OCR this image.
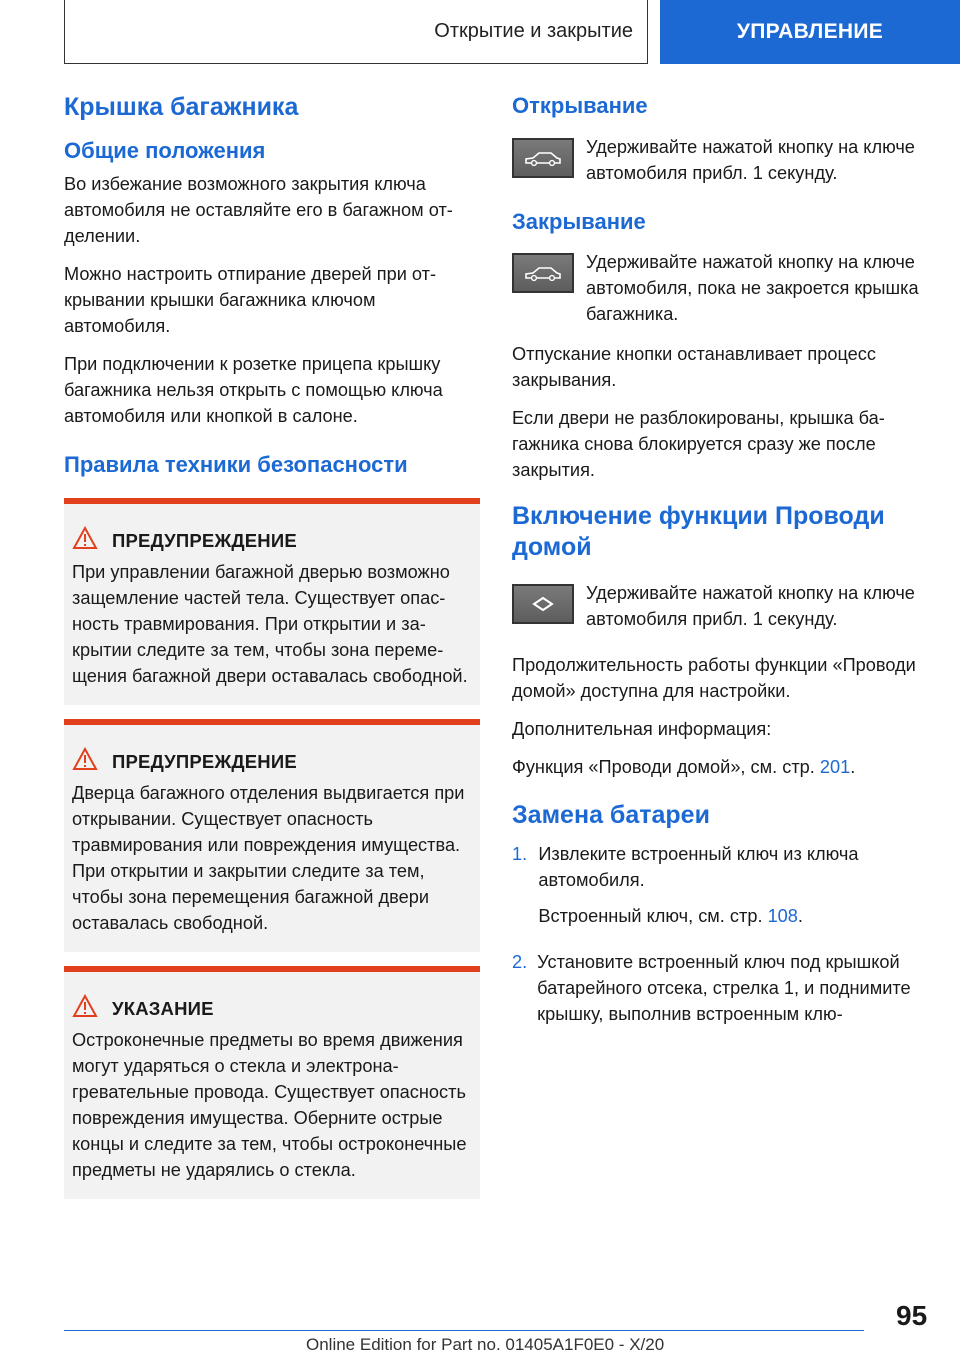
Открытие и закрытие	УПРАВЛЕНИЕ
Крышка багажника
Общие положения

Во избежание возможного закрытия ключа автомобиля не оставляйте его в багажном отделении.

Можно настроить отпирание дверей при открывании крышки багажника ключом автомобиля.

При подключении к розетке прицепа крышку багажника нельзя открыть с помощью ключа автомобиля или кнопкой в салоне.

Правила техники безопасности
ПРЕДУПРЕЖДЕНИЕ

При управлении багажной дверью возможно защемление частей тела. Существует опасность травмирования. При открытии и закрытии следите за тем, чтобы зона перемещения багажной двери оставалась свободной.

ПРЕДУПРЕЖДЕНИЕ

Дверца багажного отделения выдвигается при открывании. Существует опасность травмирования или повреждения имущества. При открытии и закрытии следите за тем, чтобы зона перемещения багажной двери оставалась свободной.

УКАЗАНИЕ

Остроконечные предметы во время движения могут ударяться о стекла и электронагревательные провода. Существует опасность повреждения имущества. Оберните острые концы и следите за тем, чтобы остроконечные предметы не ударялись о стекла.

Открывание

Удерживайте нажатой кнопку на ключе автомобиля прибл. 1 секунду.

Закрывание

Удерживайте нажатой кнопку на ключе автомобиля, пока не закроется крышка багажника.

Отпускание кнопки останавливает процесс закрывания.

Если двери не разблокированы, крышка багажника снова блокируется сразу же после закрытия.

Включение функции Проводи домой

Удерживайте нажатой кнопку на ключе автомобиля прибл. 1 секунду.

Продолжительность работы функции «Проводи домой» доступна для настройки.

Дополнительная информация:

Функция «Проводи домой», см. стр. 201.

Замена батареи
1. Извлеките встроенный ключ из ключа автомобиля.

Встроенный ключ, см. стр. 108.

2. Установите встроенный ключ под крышкой батарейного отсека, стрелка 1, и поднимите крышку, выполнив встроенным клю-

95
Online Edition for Part no. 01405A1F0E0 - X/20
